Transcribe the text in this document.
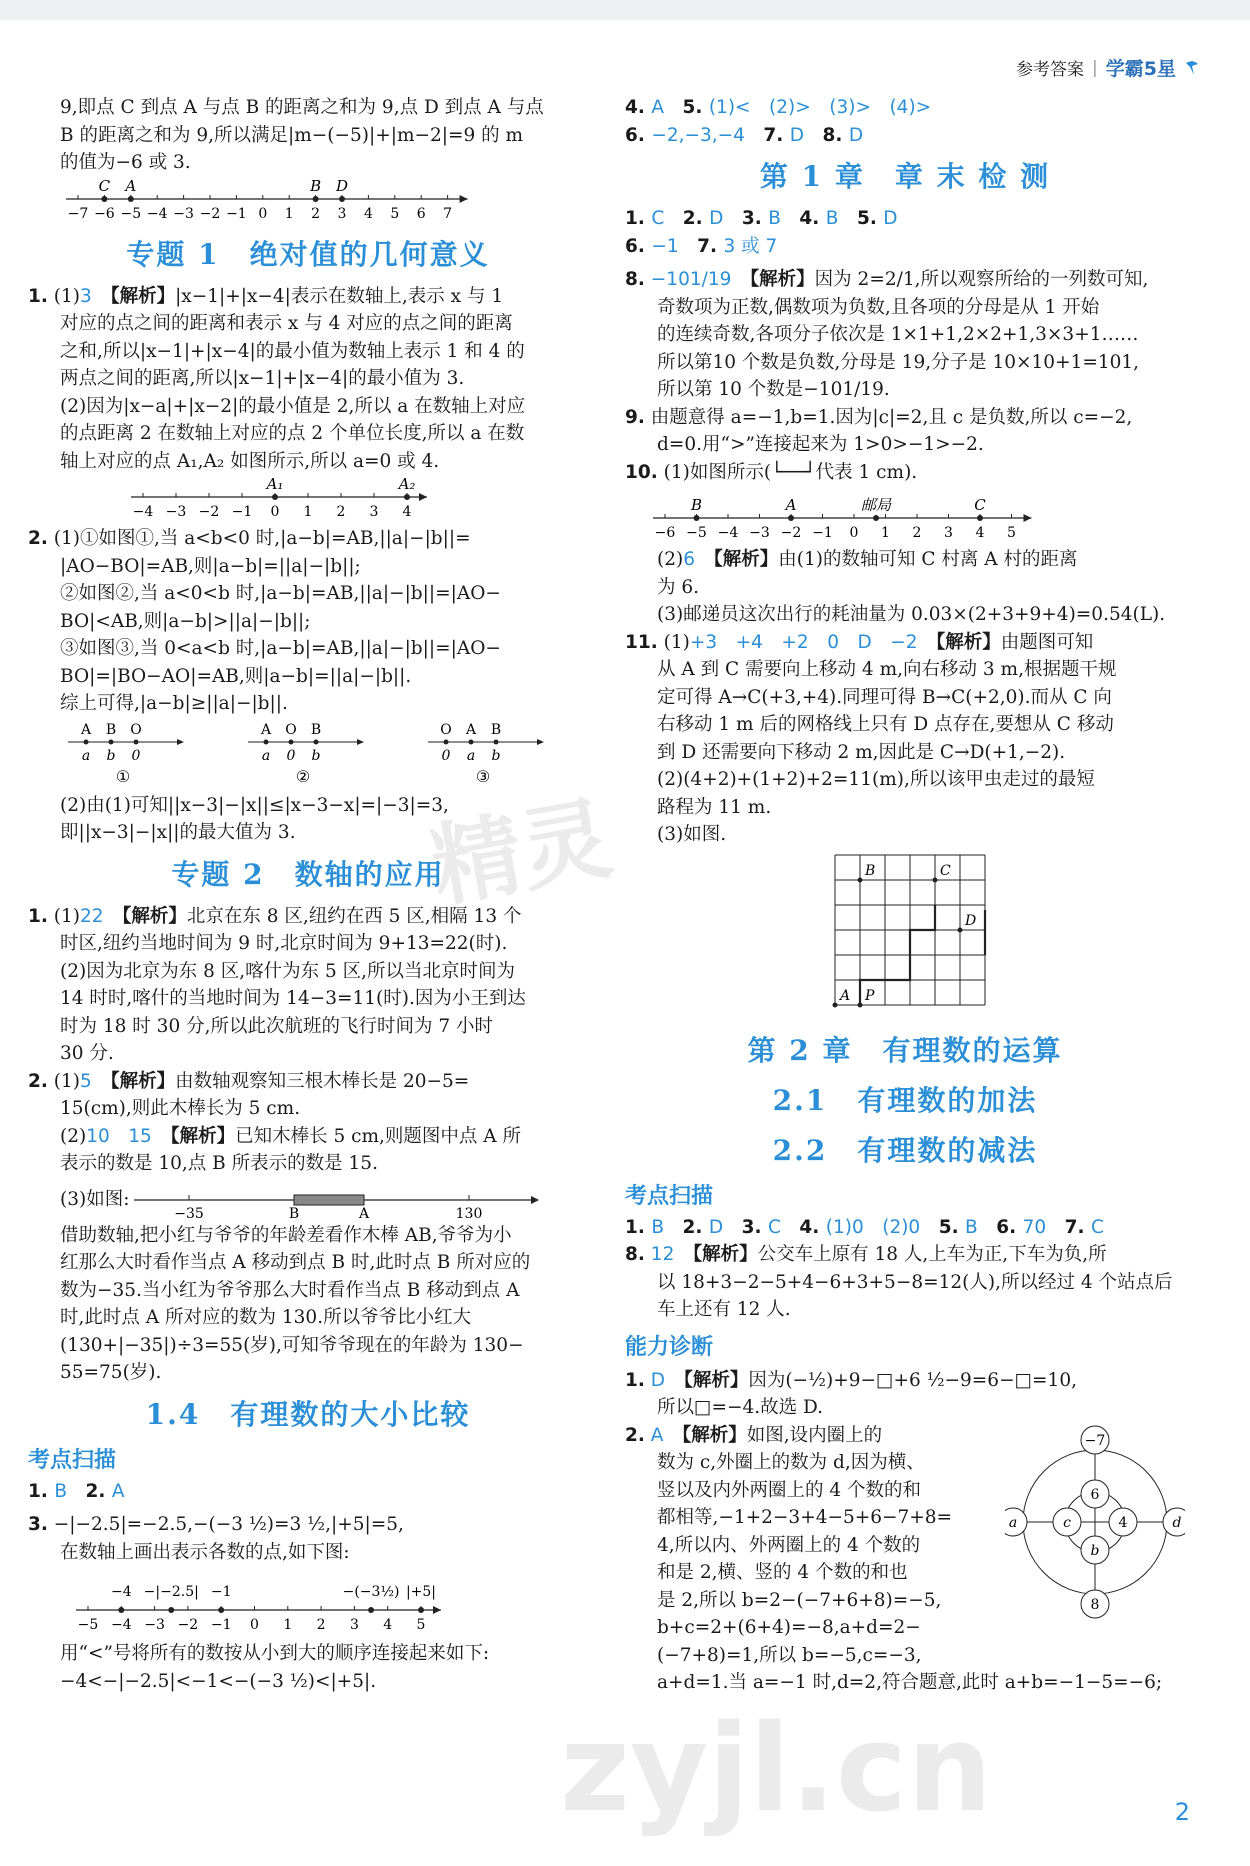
参考答案 | 学霸5星
精灵
zyjl.cn

9,即点 C 到点 A 与点 B 的距离之和为 9,点 D 到点 A 与点

B 的距离之和为 9,所以满足|m−(−5)|+|m−2|=9 的 m

的值为−6 或 3.

−7 −6 −5 −4 −3 −2 −1 0 1 2 3 4 5 6 7
C A	B D
专题 1　绝对值的几何意义

1. (1)3　 【解析】|x−1|+|x−4|表示在数轴上,表示 x 与 1

对应的点之间的距离和表示 x 与 4 对应的点之间的距离

之和,所以|x−1|+|x−4|的最小值为数轴上表示 1 和 4 的

两点之间的距离,所以|x−1|+|x−4|的最小值为 3.

(2)因为|x−a|+|x−2|的最小值是 2,所以 a 在数轴上对应

的点距离 2 在数轴上对应的点 2 个单位长度,所以 a 在数

轴上对应的点 A₁,A₂ 如图所示,所以 a=0 或 4.

−4 −3 −2 −1 0 1 2 3 4
A₁	A₂

2. (1)①如图①,当 a<b<0 时,|a−b|=AB,||a|−|b||=

|AO−BO|=AB,则|a−b|=||a|−|b||;

②如图②,当 a<0<b 时,|a−b|=AB,||a|−|b||=|AO−

BO|<AB,则|a−b|>||a|−|b||;

③如图③,当 0<a<b 时,|a−b|=AB,||a|−|b||=|AO−

BO|=|BO−AO|=AB,则|a−b|=||a|−|b||.

综上可得,|a−b|≥||a|−|b||.

A
a
B
b
O
0
①
A
a
O
0
B
b
②
O
0
A
a
B
b
③

(2)由(1)可知||x−3|−|x||≤|x−3−x|=|−3|=3,

即||x−3|−|x||的最大值为 3.

专题 2　数轴的应用

1. (1)22　 【解析】北京在东 8 区,纽约在西 5 区,相隔 13 个

时区,纽约当地时间为 9 时,北京时间为 9+13=22(时).

(2)因为北京为东 8 区,喀什为东 5 区,所以当北京时间为

14 时时,喀什的当地时间为 14−3=11(时).因为小王到达

时为 18 时 30 分,所以此次航班的飞行时间为 7 小时

30 分.

2. (1)5　 【解析】由数轴观察知三根木棒长是 20−5=

15(cm),则此木棒长为 5 cm.

(2)10　15　 【解析】已知木棒长 5 cm,则题图中点 A 所

表示的数是 10,点 B 所表示的数是 15.

(3)如图:
−35	B	A	130

借助数轴,把小红与爷爷的年龄差看作木棒 AB,爷爷为小

红那么大时看作当点 A 移动到点 B 时,此时点 B 所对应的

数为−35.当小红为爷爷那么大时看作当点 B 移动到点 A

时,此时点 A 所对应的数为 130.所以爷爷比小红大

(130+|−35|)÷3=55(岁),可知爷爷现在的年龄为 130−

55=75(岁).

1.4　有理数的大小比较
考点扫描

1. B　2. A　

3. −|−2.5|=−2.5,−(−3 ½)=3 ½,|+5|=5,

在数轴上画出表示各数的点,如下图:

−5 −4 −3 −2 −1 0 1 2 3 4 5
−4 −|−2.5| −1	−(−3½) |+5|

用“<”号将所有的数按从小到大的顺序连接起来如下:

−4<−|−2.5|<−1<−(−3 ½)<|+5|.

4. A　5. (1)<　(2)>　(3)>　(4)>　

6. −2,−3,−4　7. D　8. D　

第 1 章　章 末 检 测

1. C　2. D　3. B　4. B　5. D　

6. −1　7. 3 或 7　

8. −101/19　 【解析】因为 2=2/1,所以观察所给的一列数可知,

奇数项为正数,偶数项为负数,且各项的分母是从 1 开始

的连续奇数,各项分子依次是 1×1+1,2×2+1,3×3+1……

所以第10 个数是负数,分母是 19,分子是 10×10+1=101,

所以第 10 个数是−101/19.

9. 由题意得 a=−1,b=1.因为|c|=2,且 c 是负数,所以 c=−2,

d=0.用“>”连接起来为 1>0>−1>−2.

10. (1)如图所示(└──┘代表 1 cm).

−6 −5 −4 −3 −2 −1 0 1 2 3 4 5
B	A	邮局	C

(2)6　 【解析】由(1)的数轴可知 C 村离 A 村的距离

为 6.

(3)邮递员这次出行的耗油量为 0.03×(2+3+9+4)=0.54(L).

11. (1)+3　+4　+2　0　D　−2　 【解析】由题图可知

从 A 到 C 需要向上移动 4 m,向右移动 3 m,根据题干规

定可得 A→C(+3,+4).同理可得 B→C(+2,0).而从 C 向

右移动 1 m 后的网格线上只有 D 点存在,要想从 C 移动

到 D 还需要向下移动 2 m,因此是 C→D(+1,−2).

(2)(4+2)+(1+2)+2=11(m),所以该甲虫走过的最短

路程为 11 m.

(3)如图.

B	C
D
A P
第 2 章　有理数的运算
2.1　有理数的加法
2.2　有理数的减法
考点扫描

1. B　2. D　3. C　4. (1)0　(2)0　5. B　6. 70　7. C　

8. 12　 【解析】公交车上原有 18 人,上车为正,下车为负,所

以 18+3−2−5+4−6+3+5−8=12(人),所以经过 4 个站点后

车上还有 12 人.

能力诊断

1. D　 【解析】因为(−½)+9−□+6 ½−9=6−□=10,

所以□=−4.故选 D.

−7
6
c	4
b
a	d
8

2. A　 【解析】如图,设内圈上的

数为 c,外圈上的数为 d,因为横、

竖以及内外两圈上的 4 个数的和

都相等,−1+2−3+4−5+6−7+8=

4,所以内、外两圈上的 4 个数的

和是 2,横、竖的 4 个数的和也

是 2,所以 b=2−(−7+6+8)=−5,

b+c=2+(6+4)=−8,a+d=2−

(−7+8)=1,所以 b=−5,c=−3,

a+d=1.当 a=−1 时,d=2,符合题意,此时 a+b=−1−5=−6;

2
